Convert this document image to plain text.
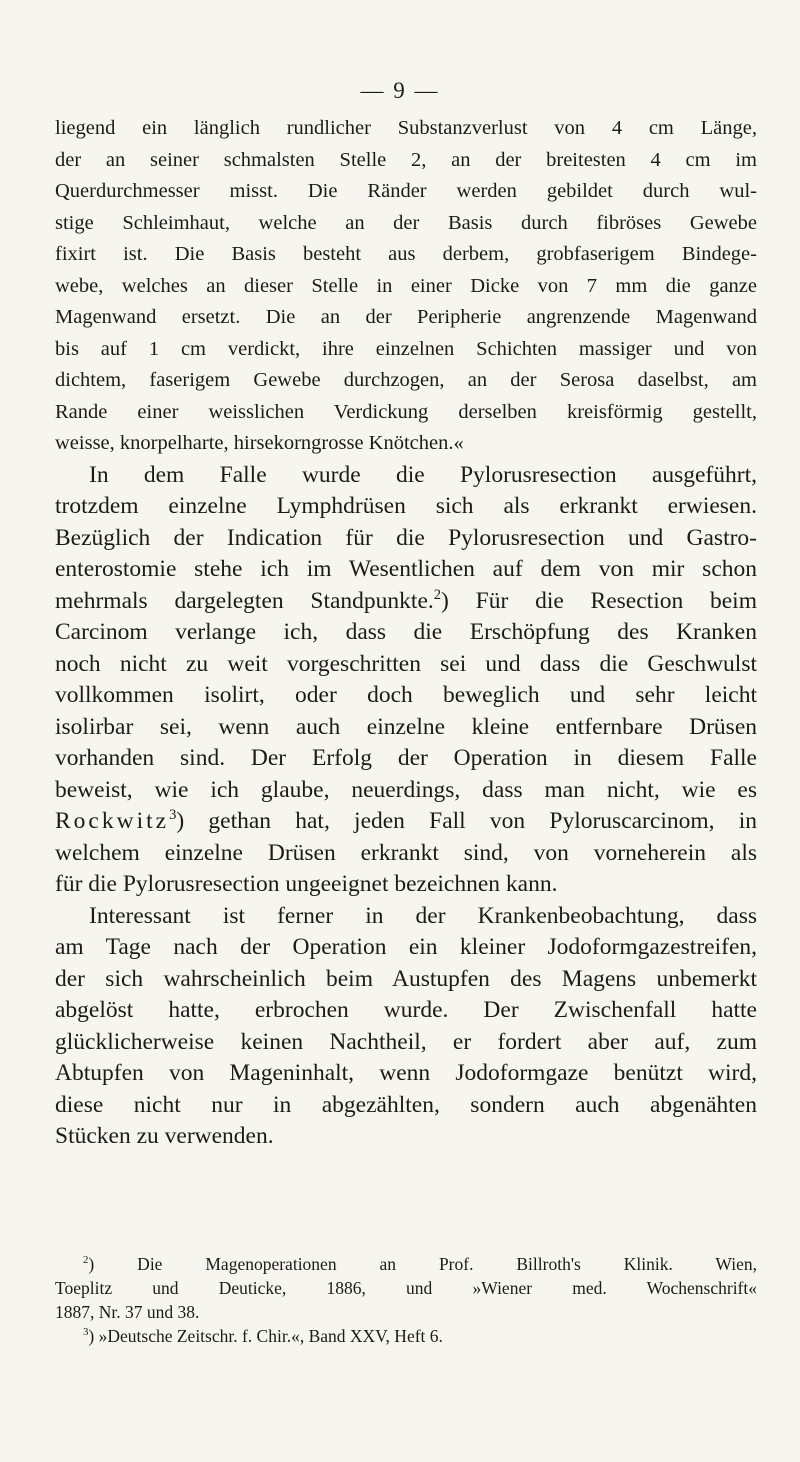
— 9 —
liegend ein länglich rundlicher Substanzverlust von 4 cm Länge,
der an seiner schmalsten Stelle 2, an der breitesten 4 cm im
Querdurchmesser misst. Die Ränder werden gebildet durch wul-
stige Schleimhaut, welche an der Basis durch fibröses Gewebe
fixirt ist. Die Basis besteht aus derbem, grobfaserigem Bindege-
webe, welches an dieser Stelle in einer Dicke von 7 mm die ganze
Magenwand ersetzt. Die an der Peripherie angrenzende Magenwand
bis auf 1 cm verdickt, ihre einzelnen Schichten massiger und von
dichtem, faserigem Gewebe durchzogen, an der Serosa daselbst, am
Rande einer weisslichen Verdickung derselben kreisförmig gestellt,
weisse, knorpelharte, hirsekorngrosse Knötchen.«
In dem Falle wurde die Pylorusresection ausgeführt,
trotzdem einzelne Lymphdrüsen sich als erkrankt erwiesen.
Bezüglich der Indication für die Pylorusresection und Gastro-
enterostomie stehe ich im Wesentlichen auf dem von mir schon
mehrmals dargelegten Standpunkte.$^2$) Für die Resection beim
Carcinom verlange ich, dass die Erschöpfung des Kranken
noch nicht zu weit vorgeschritten sei und dass die Geschwulst
vollkommen isolirt, oder doch beweglich und sehr leicht
isolirbar sei, wenn auch einzelne kleine entfernbare Drüsen
vorhanden sind. Der Erfolg der Operation in diesem Falle
beweist, wie ich glaube, neuerdings, dass man nicht, wie es
Rockwitz$^3$) gethan hat, jeden Fall von Pyloruscarcinom, in
welchem einzelne Drüsen erkrankt sind, von vorneherein als
für die Pylorusresection ungeeignet bezeichnen kann.
Interessant ist ferner in der Krankenbeobachtung, dass
am Tage nach der Operation ein kleiner Jodoformgazestreifen,
der sich wahrscheinlich beim Austupfen des Magens unbemerkt
abgelöst hatte, erbrochen wurde. Der Zwischenfall hatte
glücklicherweise keinen Nachtheil, er fordert aber auf, zum
Abtupfen von Mageninhalt, wenn Jodoformgaze benützt wird,
diese nicht nur in abgezählten, sondern auch abgenähten
Stücken zu verwenden.
$^2$) Die Magenoperationen an Prof. Billroth's Klinik. Wien,
Toeplitz und Deuticke, 1886, und »Wiener med. Wochenschrift«
1887, Nr. 37 und 38.
$^3$) »Deutsche Zeitschr. f. Chir.«, Band XXV, Heft 6.
